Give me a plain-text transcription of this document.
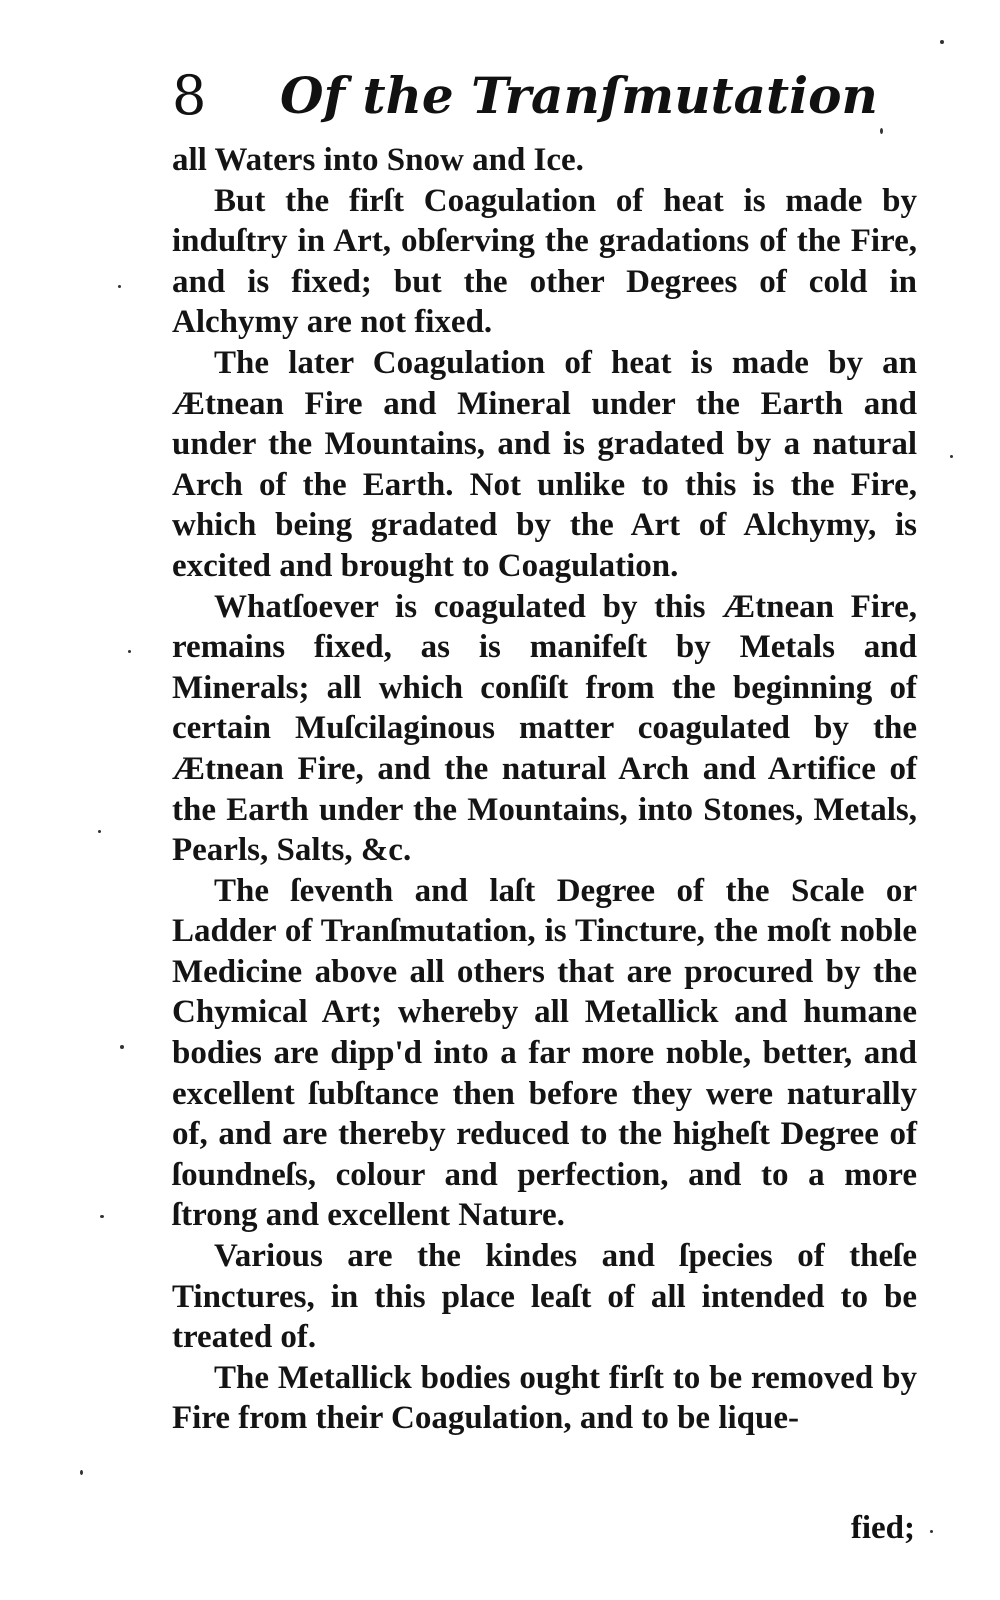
8 Of the Tranſmutation

all Waters into Snow and Ice.

But the firſt Coagulation of heat is made by induſtry in Art, obſerving the gradations of the Fire, and is fixed; but the other Degrees of cold in Alchymy are not fixed.

The later Coagulation of heat is made by an Ætnean Fire and Mineral under the Earth and under the Mountains, and is gradated by a natural Arch of the Earth. Not unlike to this is the Fire, which being gradated by the Art of Alchymy, is excited and brought to Coagulation.

Whatſoever is coagulated by this Ætnean Fire, remains fixed, as is manifeſt by Metals and Minerals; all which conſiſt from the beginning of certain Muſcilaginous matter coagulated by the Ætnean Fire, and the natural Arch and Artifice of the Earth under the Mountains, into Stones, Metals, Pearls, Salts, &c.

The ſeventh and laſt Degree of the Scale or Ladder of Tranſmutation, is Tincture, the moſt noble Medicine above all others that are procured by the Chymical Art; whereby all Metallick and humane bodies are dipp'd into a far more noble, better, and excellent ſubſtance then before they were naturally of, and are thereby reduced to the higheſt Degree of ſoundneſs, colour and perfection, and to a more ſtrong and excellent Nature.

Various are the kindes and ſpecies of theſe Tinctures, in this place leaſt of all intended to be treated of.

The Metallick bodies ought firſt to be removed by Fire from their Coagulation, and to be lique-

fied;
